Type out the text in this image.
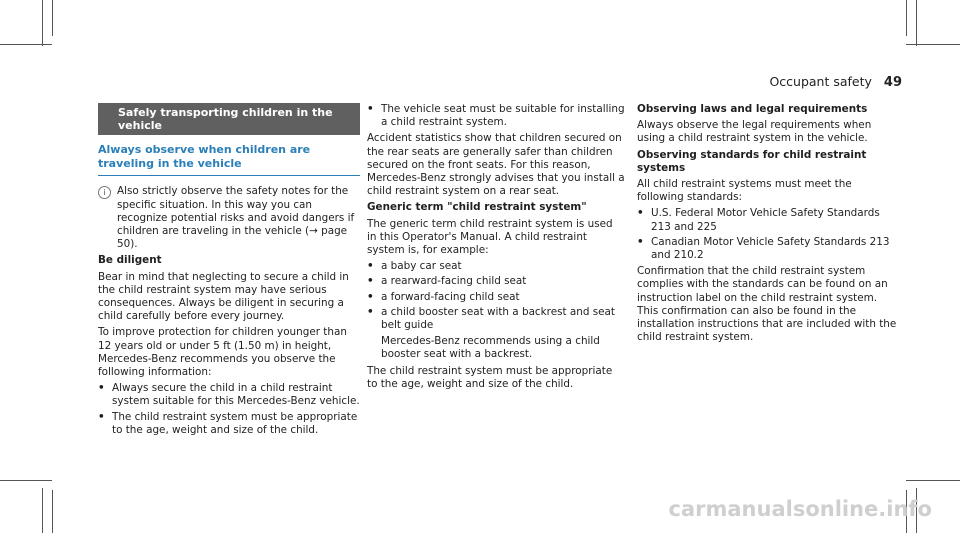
Occupant safety 49
Safely transporting children in the vehicle
Always observe when children are traveling in the vehicle
i	Also strictly observe the safety notes for the specific situation. In this way you can recognize potential risks and avoid dangers if children are traveling in the vehicle (→ page 50).

Be diligent

Bear in mind that neglecting to secure a child in the child restraint system may have serious consequences. Always be diligent in securing a child carefully before every journey.

To improve protection for children younger than 12 years old or under 5 ft (1.50 m) in height, Mercedes-Benz recommends you observe the following information:

• Always secure the child in a child restraint system suitable for this Mercedes-Benz vehicle.
• The child restraint system must be appropriate to the age, weight and size of the child.
• The vehicle seat must be suitable for installing a child restraint system.

Accident statistics show that children secured on the rear seats are generally safer than children secured on the front seats. For this reason, Mercedes-Benz strongly advises that you install a child restraint system on a rear seat.

Generic term "child restraint system"

The generic term child restraint system is used in this Operator's Manual. A child restraint system is, for example:

• a baby car seat
• a rearward-facing child seat
• a forward-facing child seat
• a child booster seat with a backrest and seat belt guide

Mercedes-Benz recommends using a child booster seat with a backrest.

The child restraint system must be appropriate to the age, weight and size of the child.

Observing laws and legal requirements

Always observe the legal requirements when using a child restraint system in the vehicle.

Observing standards for child restraint systems

All child restraint systems must meet the following standards:

• U.S. Federal Motor Vehicle Safety Standards 213 and 225
• Canadian Motor Vehicle Safety Standards 213 and 210.2

Confirmation that the child restraint system complies with the standards can be found on an instruction label on the child restraint system. This confirmation can also be found in the installation instructions that are included with the child restraint system.

carmanualsonline.info
